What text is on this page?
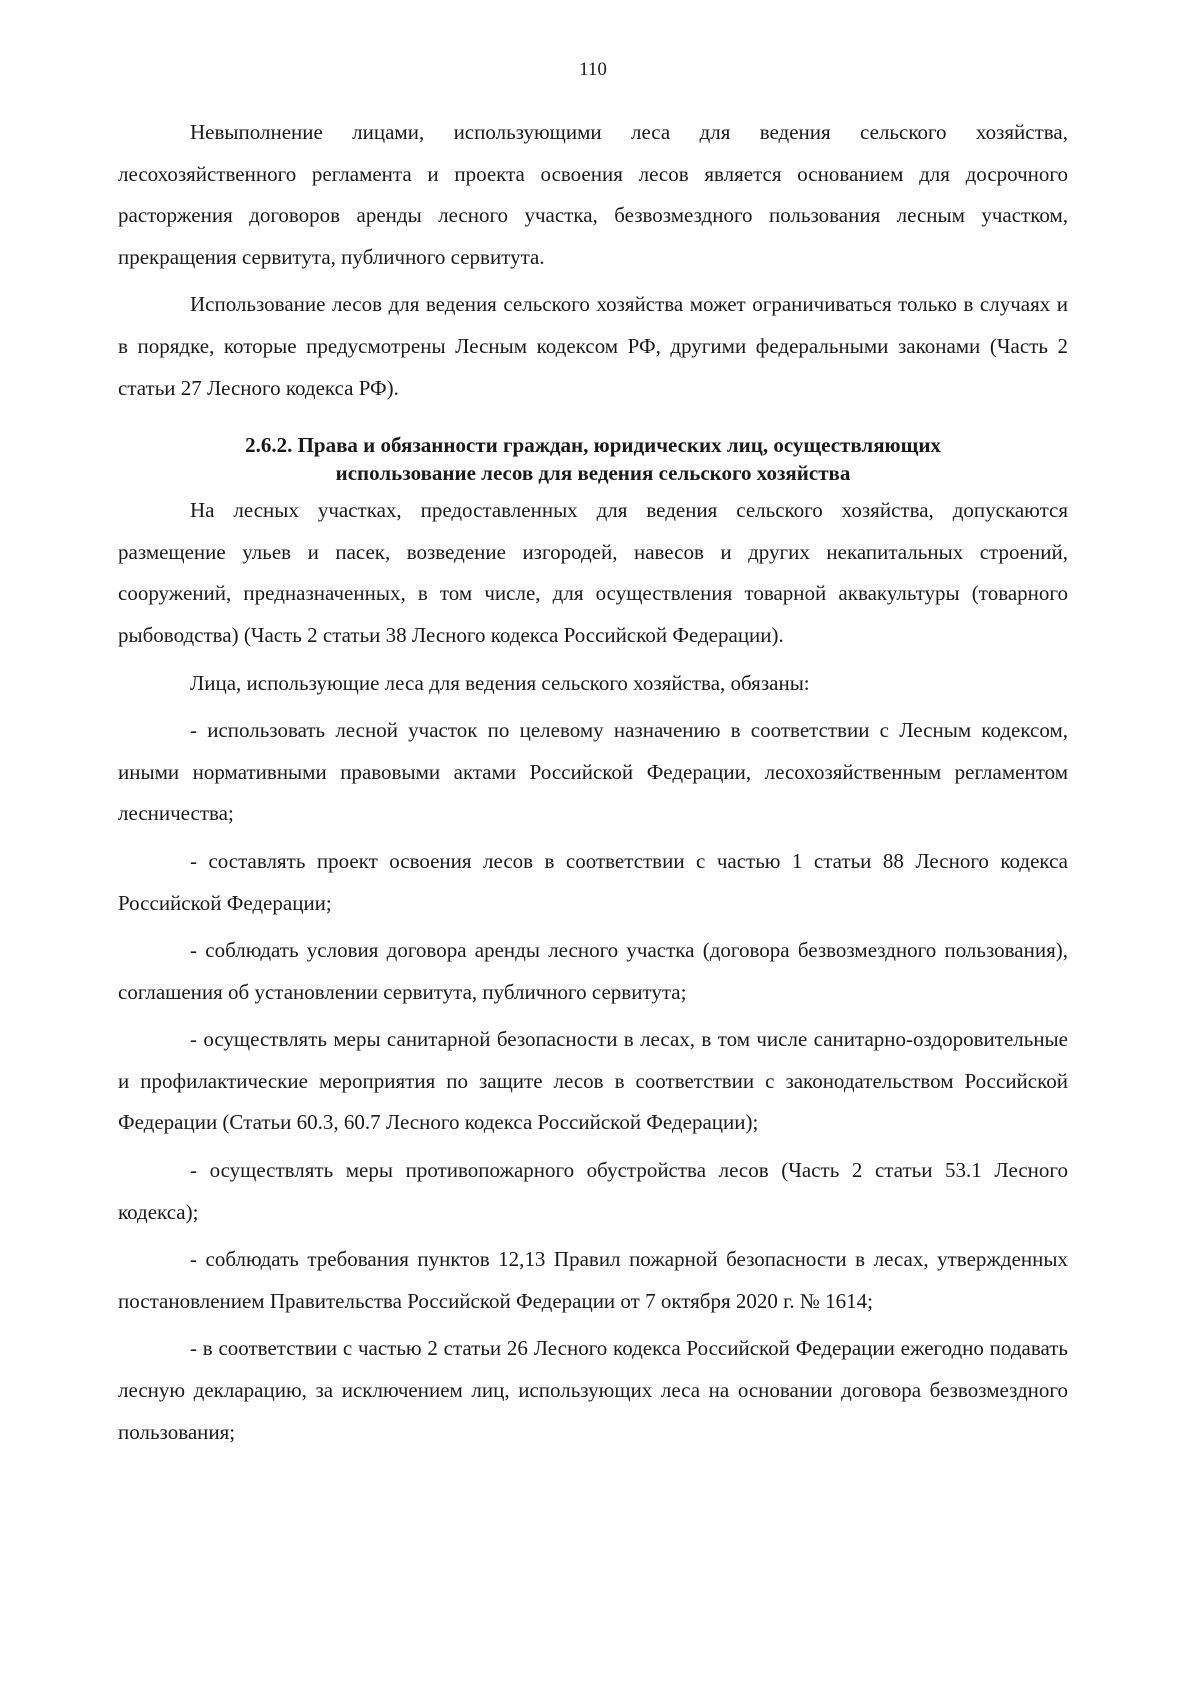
110

Невыполнение лицами, использующими леса для ведения сельского хозяйства, лесохозяйственного регламента и проекта освоения лесов является основанием для досрочного расторжения договоров аренды лесного участка, безвозмездного пользования лесным участком, прекращения сервитута, публичного сервитута.

Использование лесов для ведения сельского хозяйства может ограничиваться только в случаях и в порядке, которые предусмотрены Лесным кодексом РФ, другими федеральными законами (Часть 2 статьи 27 Лесного кодекса РФ).

2.6.2. Права и обязанности граждан, юридических лиц, осуществляющих
использование лесов для ведения сельского хозяйства

На лесных участках, предоставленных для ведения сельского хозяйства, допускаются размещение ульев и пасек, возведение изгородей, навесов и других некапитальных строений, сооружений, предназначенных, в том числе, для осуществления товарной аквакультуры (товарного рыбоводства) (Часть 2 статьи 38 Лесного кодекса Российской Федерации).

Лица, использующие леса для ведения сельского хозяйства, обязаны:

- использовать лесной участок по целевому назначению в соответствии с Лесным кодексом, иными нормативными правовыми актами Российской Федерации, лесохозяйственным регламентом лесничества;

- составлять проект освоения лесов в соответствии с частью 1 статьи 88 Лесного кодекса Российской Федерации;

- соблюдать условия договора аренды лесного участка (договора безвозмездного пользования), соглашения об установлении сервитута, публичного сервитута;

- осуществлять меры санитарной безопасности в лесах, в том числе санитарно-оздоровительные и профилактические мероприятия по защите лесов в соответствии с законодательством Российской Федерации (Статьи 60.3, 60.7 Лесного кодекса Российской Федерации);

- осуществлять меры противопожарного обустройства лесов (Часть 2 статьи 53.1 Лесного кодекса);

- соблюдать требования пунктов 12,13 Правил пожарной безопасности в лесах, утвержденных постановлением Правительства Российской Федерации от 7 октября 2020 г. № 1614;

- в соответствии с частью 2 статьи 26 Лесного кодекса Российской Федерации ежегодно подавать лесную декларацию, за исключением лиц, использующих леса на основании договора безвозмездного пользования;
